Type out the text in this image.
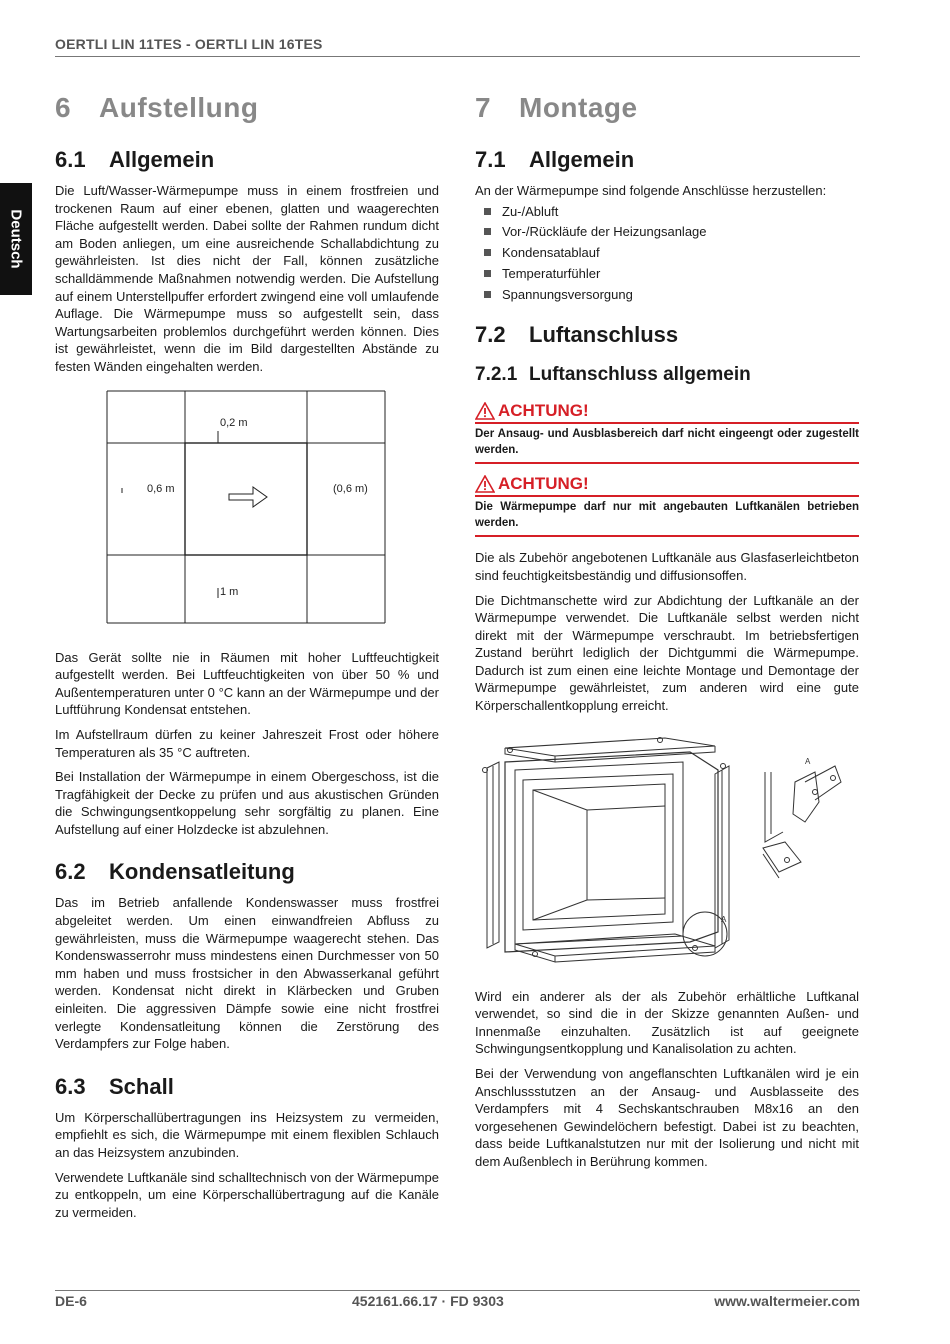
OERTLI LIN 11TES - OERTLI LIN 16TES
Deutsch
6 Aufstellung
6.1 Allgemein

Die Luft/Wasser-Wärmepumpe muss in einem frostfreien und trockenen Raum auf einer ebenen, glatten und waagerechten Fläche aufgestellt werden. Dabei sollte der Rahmen rundum dicht am Boden anliegen, um eine ausreichende Schallabdichtung zu gewährleisten. Ist dies nicht der Fall, können zusätzliche schalldämmende Maßnahmen notwendig werden. Die Aufstellung auf einem Unterstellpuffer erfordert zwingend eine voll umlaufende Auflage. Die Wärmepumpe muss so aufgestellt sein, dass Wartungsarbeiten problemlos durchgeführt werden können. Dies ist gewährleistet, wenn die im Bild dargestellten Abstände zu festen Wänden eingehalten werden.

0,2 m
0,6 m	(0,6 m)
1 m

Das Gerät sollte nie in Räumen mit hoher Luftfeuchtigkeit aufgestellt werden. Bei Luftfeuchtigkeiten von über 50 % und Außentemperaturen unter 0 °C kann an der Wärmepumpe und der Luftführung Kondensat entstehen.

Im Aufstellraum dürfen zu keiner Jahreszeit Frost oder höhere Temperaturen als 35 °C auftreten.

Bei Installation der Wärmepumpe in einem Obergeschoss, ist die Tragfähigkeit der Decke zu prüfen und aus akustischen Gründen die Schwingungsentkoppelung sehr sorgfältig zu planen. Eine Aufstellung auf einer Holzdecke ist abzulehnen.

6.2 Kondensatleitung

Das im Betrieb anfallende Kondenswasser muss frostfrei abgeleitet werden. Um einen einwandfreien Abfluss zu gewährleisten, muss die Wärmepumpe waagerecht stehen. Das Kondenswasserrohr muss mindestens einen Durchmesser von 50 mm haben und muss frostsicher in den Abwasserkanal geführt werden. Kondensat nicht direkt in Klärbecken und Gruben einleiten. Die aggressiven Dämpfe sowie eine nicht frostfrei verlegte Kondensatleitung können die Zerstörung des Verdampfers zur Folge haben.

6.3 Schall

Um Körperschallübertragungen ins Heizsystem zu vermeiden, empfiehlt es sich, die Wärmepumpe mit einem flexiblen Schlauch an das Heizsystem anzubinden.

Verwendete Luftkanäle sind schalltechnisch von der Wärmepumpe zu entkoppeln, um eine Körperschallübertragung auf die Kanäle zu vermeiden.

7 Montage
7.1 Allgemein

An der Wärmepumpe sind folgende Anschlüsse herzustellen:

Zu-/Abluft
Vor-/Rückläufe der Heizungsanlage
Kondensatablauf
Temperaturfühler
Spannungsversorgung
7.2 Luftanschluss
7.2.1 Luftanschluss allgemein
ACHTUNG!
Der Ansaug- und Ausblasbereich darf nicht eingeengt oder zugestellt werden.
ACHTUNG!
Die Wärmepumpe darf nur mit angebauten Luftkanälen betrieben werden.

Die als Zubehör angebotenen Luftkanäle aus Glasfaserleichtbeton sind feuchtigkeitsbeständig und diffusionsoffen.

Die Dichtmanschette wird zur Abdichtung der Luftkanäle an der Wärmepumpe verwendet. Die Luftkanäle selbst werden nicht direkt mit der Wärmepumpe verschraubt. Im betriebsfertigen Zustand berührt lediglich der Dichtgummi die Wärmepumpe. Dadurch ist zum einen eine leichte Montage und Demontage der Wärmepumpe gewährleistet, zum anderen wird eine gute Körperschallentkopplung erreicht.

A
A

Wird ein anderer als der als Zubehör erhältliche Luftkanal verwendet, so sind die in der Skizze genannten Außen- und Innenmaße einzuhalten. Zusätzlich ist auf geeignete Schwingungsentkopplung und Kanalisolation zu achten.

Bei der Verwendung von angeflanschten Luftkanälen wird je ein Anschlussstutzen an der Ansaug- und Ausblasseite des Verdampfers mit 4 Sechskantschrauben M8x16 an den vorgesehenen Gewindelöchern befestigt. Dabei ist zu beachten, dass beide Luftkanalstutzen nur mit der Isolierung und nicht mit dem Außenblech in Berührung kommen.

DE-6	452161.66.17 · FD 9303	www.waltermeier.com
